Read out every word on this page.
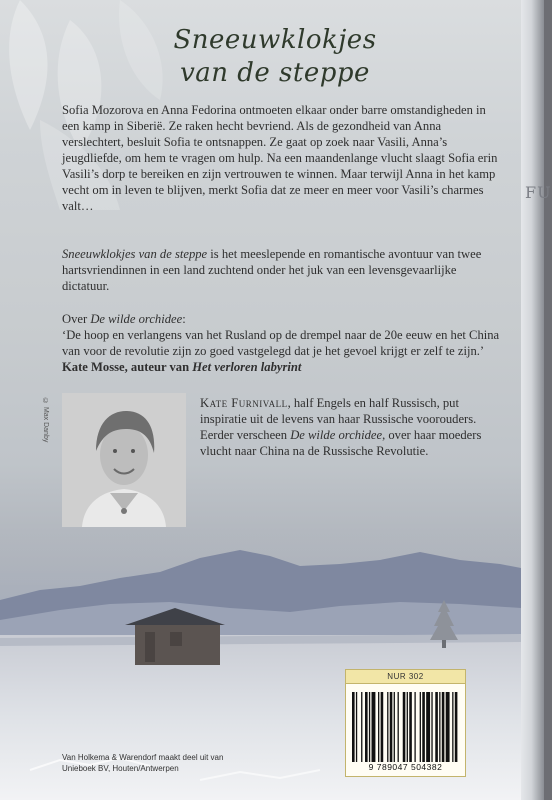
Sneeuwklokjes
van de steppe

Sofia Mozorova en Anna Fedorina ontmoeten elkaar onder barre omstandigheden in een kamp in Siberië. Ze raken hecht bevriend. Als de gezondheid van Anna verslechtert, besluit Sofia te ontsnappen. Ze gaat op zoek naar Vasili, Anna’s jeugdliefde, om hem te vragen om hulp. Na een maandenlange vlucht slaagt Sofia erin Vasili’s dorp te bereiken en zijn vertrouwen te winnen. Maar terwijl Anna in het kamp vecht om in leven te blijven, merkt Sofia dat ze meer en meer voor Vasili’s charmes valt…

Sneeuwklokjes van de steppe is het meeslepende en romantische avontuur van twee hartsvriendinnen in een land zuchtend onder het juk van een levensgevaarlijke dictatuur.

Over De wilde orchidee:
‘De hoop en verlangens van het Rusland op de drempel naar de 20e eeuw en het China van voor de revolutie zijn zo goed vastgelegd dat je het gevoel krijgt er zelf te zijn.’ Kate Mosse, auteur van Het verloren labyrint

© Max Danby	Kate Furnivall, half Engels en half Russisch, put inspiratie uit de levens van haar Russische voorouders. Eerder verscheen De wilde orchidee, over haar moeders vlucht naar China na de Russische Revolutie.

NUR 302
9 789047 504382
Van Holkema & Warendorf maakt deel uit van
Unieboek BV, Houten/Antwerpen
FU
